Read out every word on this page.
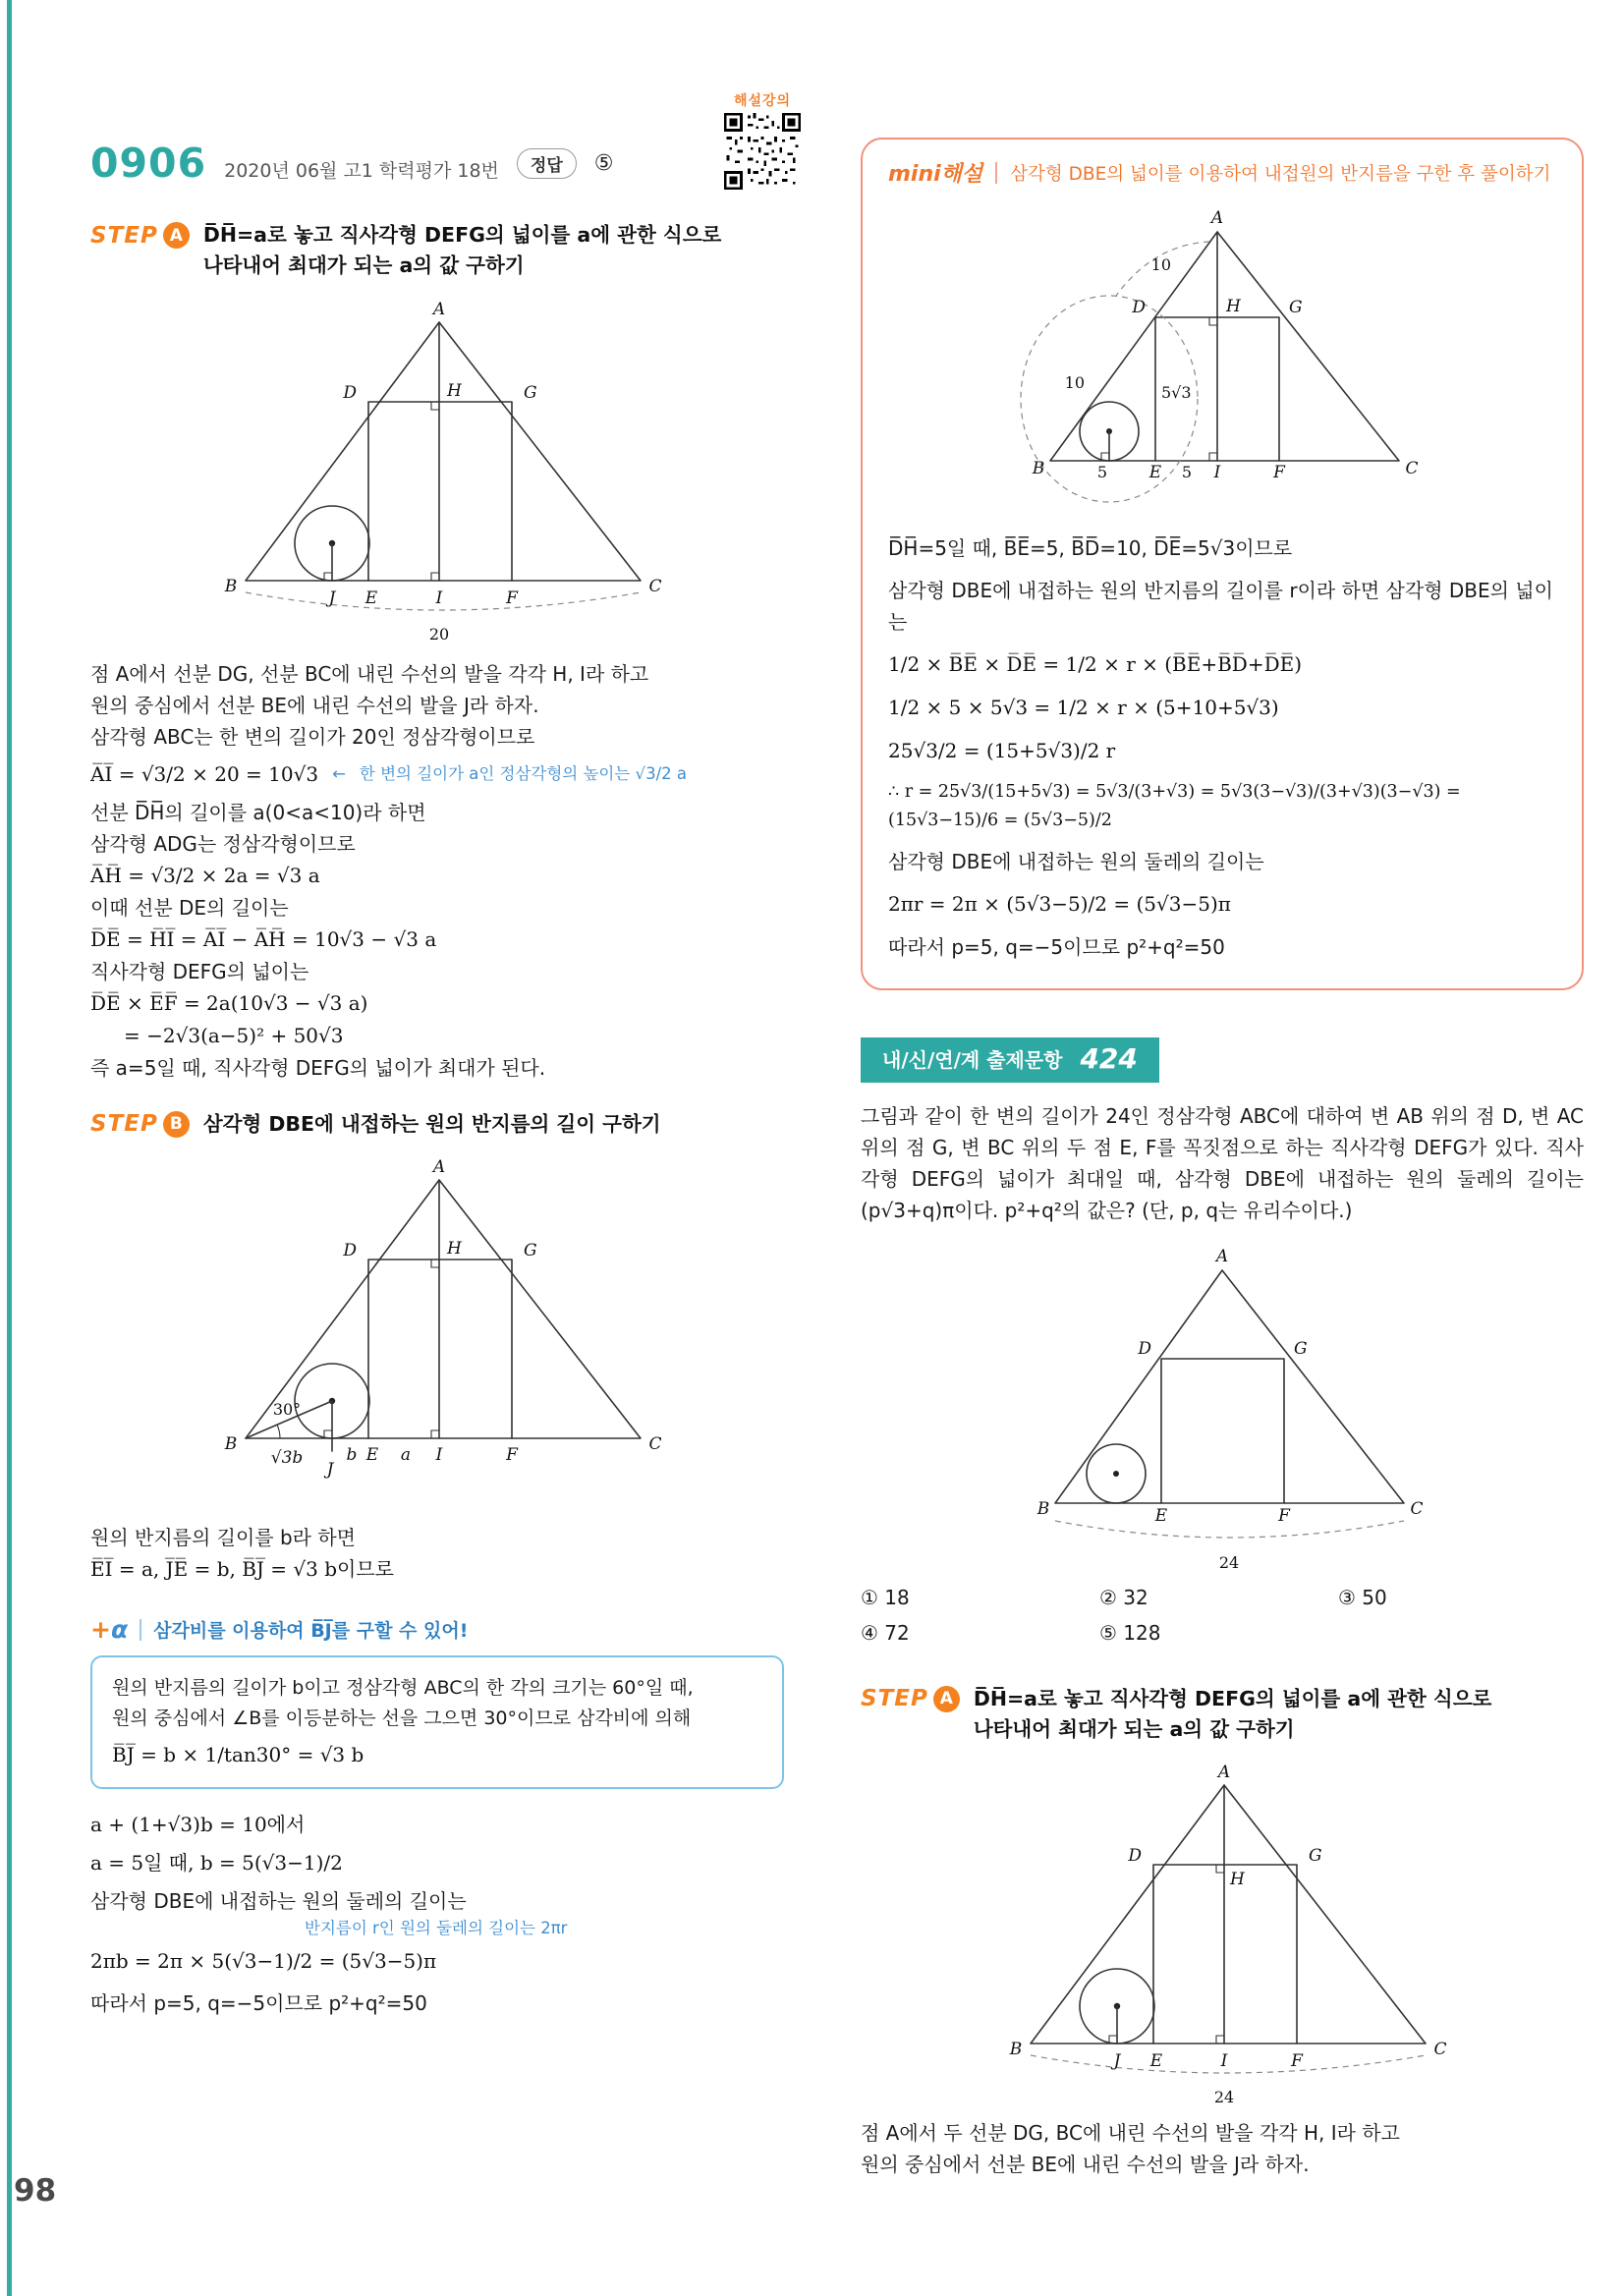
98
0906 2020년 06월 고1 학력평가 18번	정답	⑤
해설강의
STEP A	D̅H̅=a로 놓고 직사각형 DEFG의 넓이를 a에 관한 식으로
나타내어 최대가 되는 a의 값 구하기
A
D	G
H
B
J E	I	F
C
20
점 A에서 선분 DG, 선분 BC에 내린 수선의 발을 각각 H, I라 하고
원의 중심에서 선분 BE에 내린 수선의 발을 J라 하자.
삼각형 ABC는 한 변의 길이가 20인 정삼각형이므로
A̅I̅ = √3/2 × 20 = 10√3 ← 한 변의 길이가 a인 정삼각형의 높이는 √3/2 a
선분 D̅H̅의 길이를 a(0<a<10)라 하면
삼각형 ADG는 정삼각형이므로
A̅H̅ = √3/2 × 2a = √3 a
이때 선분 DE의 길이는
D̅E̅ = H̅I̅ = A̅I̅ − A̅H̅ = 10√3 − √3 a
직사각형 DEFG의 넓이는
D̅E̅ × E̅F̅ = 2a(10√3 − √3 a)
= −2√3(a−5)² + 50√3
즉 a=5일 때, 직사각형 DEFG의 넓이가 최대가 된다.
STEP B	삼각형 DBE에 내접하는 원의 반지름의 길이 구하기
30°
A
D	G
H
B
√3b
J
b E a I	F
C
원의 반지름의 길이를 b라 하면
E̅I̅ = a, J̅E̅ = b, B̅J̅ = √3 b이므로
+α 삼각비를 이용하여 B̅J̅를 구할 수 있어!
원의 반지름의 길이가 b이고 정삼각형 ABC의 한 각의 크기는 60°일 때,
원의 중심에서 ∠B를 이등분하는 선을 그으면 30°이므로 삼각비에 의해
B̅J̅ = b × 1/tan30° = √3 b
a + (1+√3)b = 10에서
a = 5일 때, b = 5(√3−1)/2
삼각형 DBE에 내접하는 원의 둘레의 길이는
반지름이 r인 원의 둘레의 길이는 2πr
2πb = 2π × 5(√3−1)/2 = (5√3−5)π
따라서 p=5, q=−5이므로 p²+q²=50
mini해설 삼각형 DBE의 넓이를 이용하여 내접원의 반지름을 구한 후 풀이하기
A
10
10
D	H	G
5√3
B	5	E 5 I	F	C
D̅H̅=5일 때, B̅E̅=5, B̅D̅=10, D̅E̅=5√3이므로
삼각형 DBE에 내접하는 원의 반지름의 길이를 r이라 하면 삼각형 DBE의 넓이는
1/2 × B̅E̅ × D̅E̅ = 1/2 × r × (B̅E̅+B̅D̅+D̅E̅)
1/2 × 5 × 5√3 = 1/2 × r × (5+10+5√3)
25√3/2 = (15+5√3)/2 r
∴ r = 25√3/(15+5√3) = 5√3/(3+√3) = 5√3(3−√3)/(3+√3)(3−√3) = (15√3−15)/6 = (5√3−5)/2
삼각형 DBE에 내접하는 원의 둘레의 길이는
2πr = 2π × (5√3−5)/2 = (5√3−5)π
따라서 p=5, q=−5이므로 p²+q²=50
내/신/연/계 출제문항 424
그림과 같이 한 변의 길이가 24인 정삼각형 ABC에 대하여 변 AB 위의 점 D, 변 AC 위의 점 G, 변 BC 위의 두 점 E, F를 꼭짓점으로 하는 직사각형 DEFG가 있다. 직사각형 DEFG의 넓이가 최대일 때, 삼각형 DBE에 내접하는 원의 둘레의 길이는 (p√3+q)π이다. p²+q²의 값은? (단, p, q는 유리수이다.)
A
D	G
B	E	F	C
24
① 18	② 32	③ 50
④ 72	⑤ 128
STEP A	D̅H̅=a로 놓고 직사각형 DEFG의 넓이를 a에 관한 식으로
나타내어 최대가 되는 a의 값 구하기
A
D	G
H
B
J E	I	F
C
24
점 A에서 두 선분 DG, BC에 내린 수선의 발을 각각 H, I라 하고
원의 중심에서 선분 BE에 내린 수선의 발을 J라 하자.
